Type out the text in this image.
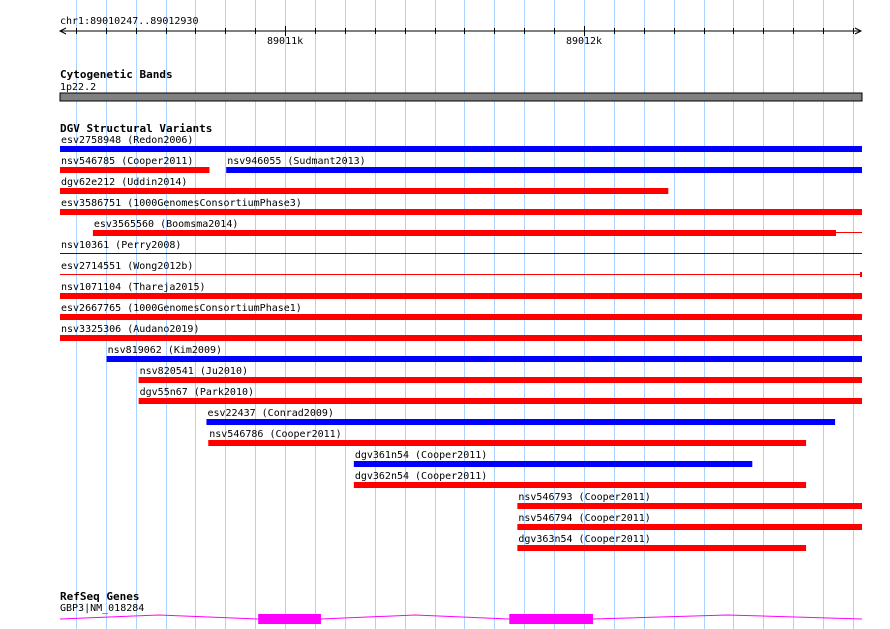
chr1:89010247..89012930
89011k	89012k
Cytogenetic Bands
1p22.2
DGV Structural Variants
esv2758948 (Redon2006)
nsv546785 (Cooper2011)	nsv946055 (Sudmant2013)
dgv62e212 (Uddin2014)
esv3586751 (1000GenomesConsortiumPhase3)
esv3565560 (Boomsma2014)
nsv10361 (Perry2008)
esv2714551 (Wong2012b)
nsv1071104 (Thareja2015)
esv2667765 (1000GenomesConsortiumPhase1)
nsv3325306 (Audano2019)
nsv819062 (Kim2009)
nsv820541 (Ju2010)
dgv55n67 (Park2010)
esv22437 (Conrad2009)
nsv546786 (Cooper2011)
dgv361n54 (Cooper2011)
dgv362n54 (Cooper2011)
nsv546793 (Cooper2011)
nsv546794 (Cooper2011)
dgv363n54 (Cooper2011)
RefSeq Genes
GBP3|NM_018284
